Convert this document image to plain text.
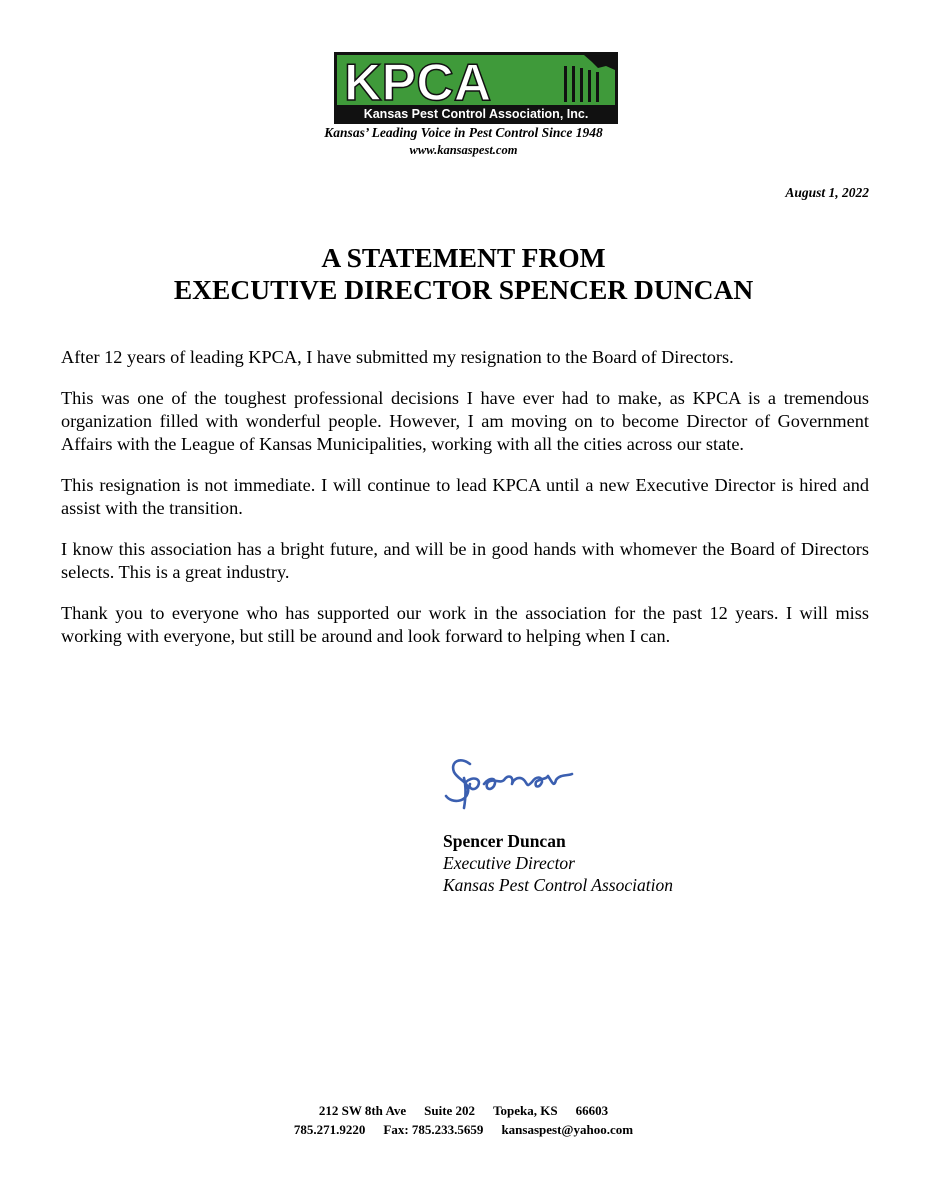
KPCA
Kansas Pest Control Association, Inc.
Kansas’ Leading Voice in Pest Control Since 1948
www.kansaspest.com
August 1, 2022
A STATEMENT FROM
EXECUTIVE DIRECTOR SPENCER DUNCAN

After 12 years of leading KPCA, I have submitted my resignation to the Board of Directors.

This was one of the toughest professional decisions I have ever had to make, as KPCA is a tremendous organization filled with wonderful people. However, I am moving on to become Director of Government Affairs with the League of Kansas Municipalities, working with all the cities across our state.

This resignation is not immediate. I will continue to lead KPCA until a new Executive Director is hired and assist with the transition.

I know this association has a bright future, and will be in good hands with whomever the Board of Directors selects. This is a great industry.

Thank you to everyone who has supported our work in the association for the past 12 years. I will miss working with everyone, but still be around and look forward to helping when I can.

Spencer Duncan
Executive Director
Kansas Pest Control Association
212 SW 8th Ave Suite 202 Topeka, KS 66603
785.271.9220 Fax: 785.233.5659 kansaspest@yahoo.com
